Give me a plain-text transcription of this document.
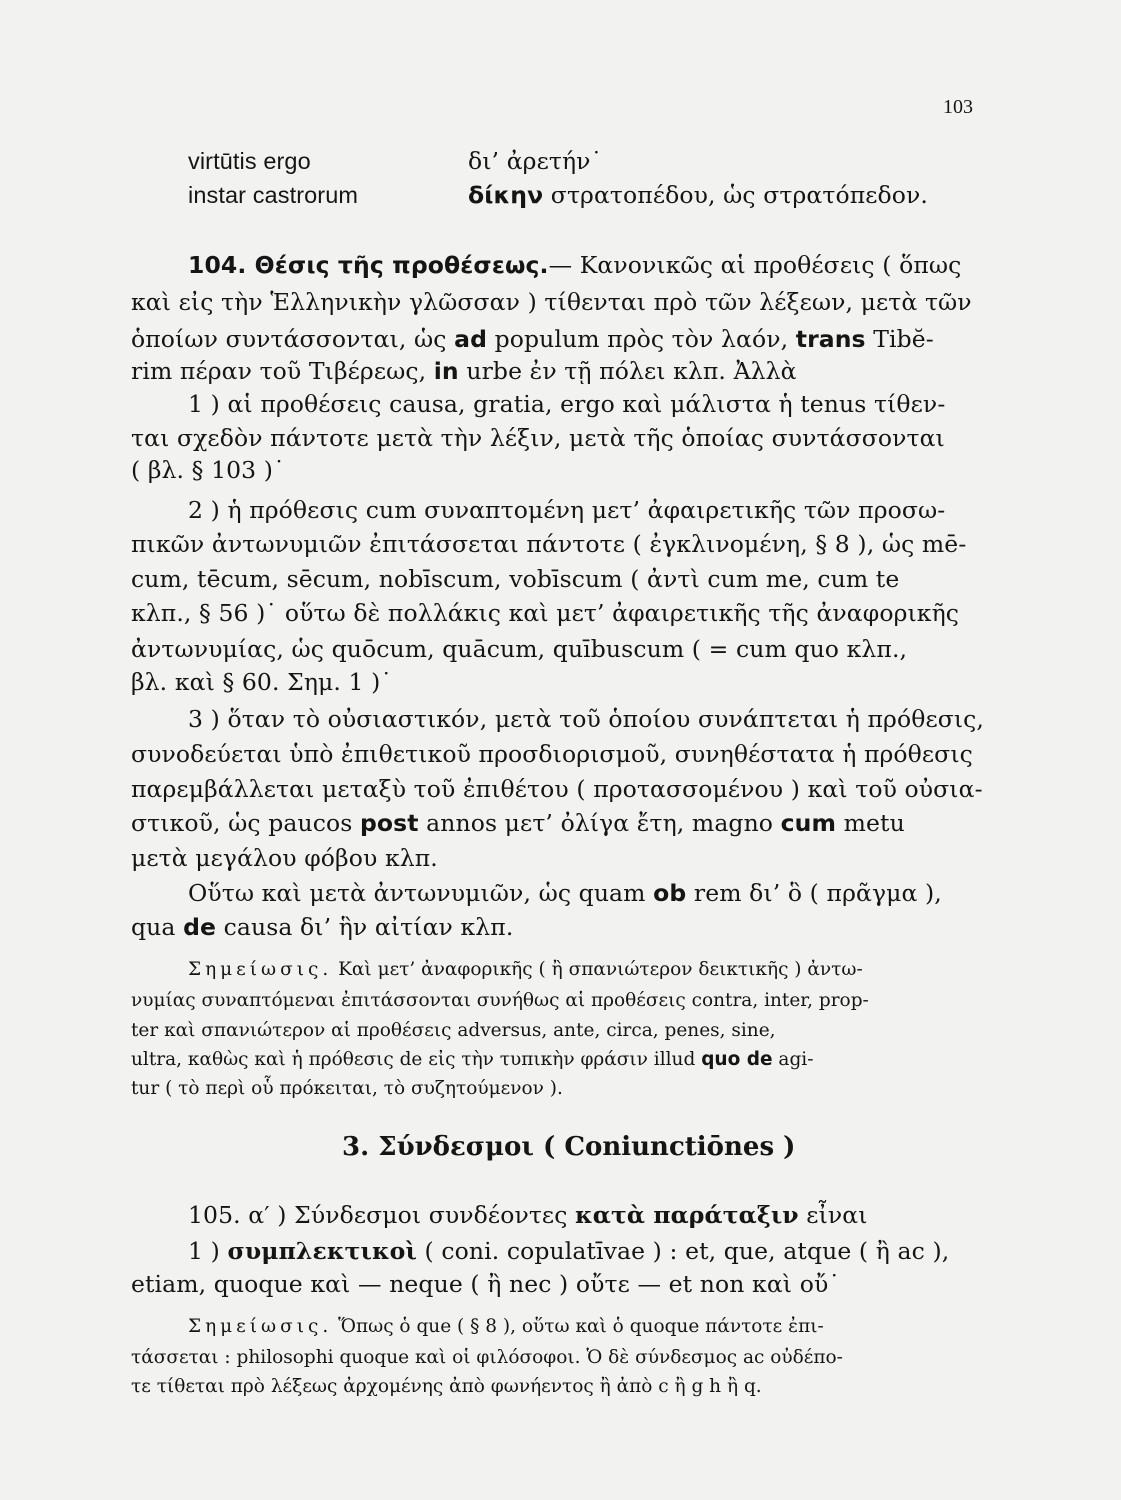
103
virtūtis ergo	δι’ ἀρετήν˙
instar castrorum	δίκην στρατοπέδου, ὡς στρατόπεδον.
104. Θέσις τῆς προθέσεως.— Κανονικῶς αἱ προθέσεις ( ὅπως
καὶ εἰς τὴν Ἑλληνικὴν γλῶσσαν ) τίθενται πρὸ τῶν λέξεων, μετὰ τῶν
ὁποίων συντάσσονται, ὡς ad populum πρὸς τὸν λαόν, trans Tibĕ-
rim πέραν τοῦ Τιβέρεως, in urbe ἐν τῇ πόλει κλπ. Ἀλλὰ
1 ) αἱ προθέσεις causa, gratia, ergo καὶ μάλιστα ἡ tenus τίθεν-
ται σχεδὸν πάντοτε μετὰ τὴν λέξιν, μετὰ τῆς ὁποίας συντάσσονται
( βλ. § 103 )˙
2 ) ἡ πρόθεσις cum συναπτομένη μετ’ ἀφαιρετικῆς τῶν προσω-
πικῶν ἀντωνυμιῶν ἐπιτάσσεται πάντοτε ( ἐγκλινομένη, § 8 ), ὡς mē-
cum, tēcum, sēcum, nobīscum, vobīscum ( ἀντὶ cum me, cum te
κλπ., § 56 )˙ οὕτω δὲ πολλάκις καὶ μετ’ ἀφαιρετικῆς τῆς ἀναφορικῆς
ἀντωνυμίας, ὡς quōcum, quācum, quībuscum ( = cum quo κλπ.,
βλ. καὶ § 60. Σημ. 1 )˙
3 ) ὅταν τὸ οὐσιαστικόν, μετὰ τοῦ ὁποίου συνάπτεται ἡ πρόθεσις,
συνοδεύεται ὑπὸ ἐπιθετικοῦ προσδιορισμοῦ, συνηθέστατα ἡ πρόθεσις
παρεμβάλλεται μεταξὺ τοῦ ἐπιθέτου ( προτασσομένου ) καὶ τοῦ οὐσια-
στικοῦ, ὡς paucos post annos μετ’ ὀλίγα ἔτη, magno cum metu
μετὰ μεγάλου φόβου κλπ.
Οὕτω καὶ μετὰ ἀντωνυμιῶν, ὡς quam ob rem δι’ ὃ ( πρᾶγμα ),
qua de causa δι’ ἣν αἰτίαν κλπ.
Σημείωσις. Καὶ μετ’ ἀναφορικῆς ( ἢ σπανιώτερον δεικτικῆς ) ἀντω-
νυμίας συναπτόμεναι ἐπιτάσσονται συνήθως αἱ προθέσεις contra, inter, prop-
ter καὶ σπανιώτερον αἱ προθέσεις adversus, ante, circa, penes, sine,
ultra, καθὼς καὶ ἡ πρόθεσις de εἰς τὴν τυπικὴν φράσιν illud quo de agi-
tur ( τὸ περὶ οὗ πρόκειται, τὸ συζητούμενον ).
3. Σύνδεσμοι ( Coniunctiōnes )
105. α′ ) Σύνδεσμοι συνδέοντες κατὰ παράταξιν εἶναι
1 ) συμπλεκτικοὶ ( coni. copulatīvae ) : et, que, atque ( ἢ ac ),
etiam, quoque καὶ — neque ( ἢ nec ) οὔτε — et non καὶ οὔ˙
Σημείωσις. Ὅπως ὁ que ( § 8 ), οὕτω καὶ ὁ quoque πάντοτε ἐπι-
τάσσεται : philosophi quoque καὶ οἱ φιλόσοφοι. Ὁ δὲ σύνδεσμος ac οὐδέπο-
τε τίθεται πρὸ λέξεως ἀρχομένης ἀπὸ φωνήεντος ἢ ἀπὸ c ἢ g h ἢ q.
